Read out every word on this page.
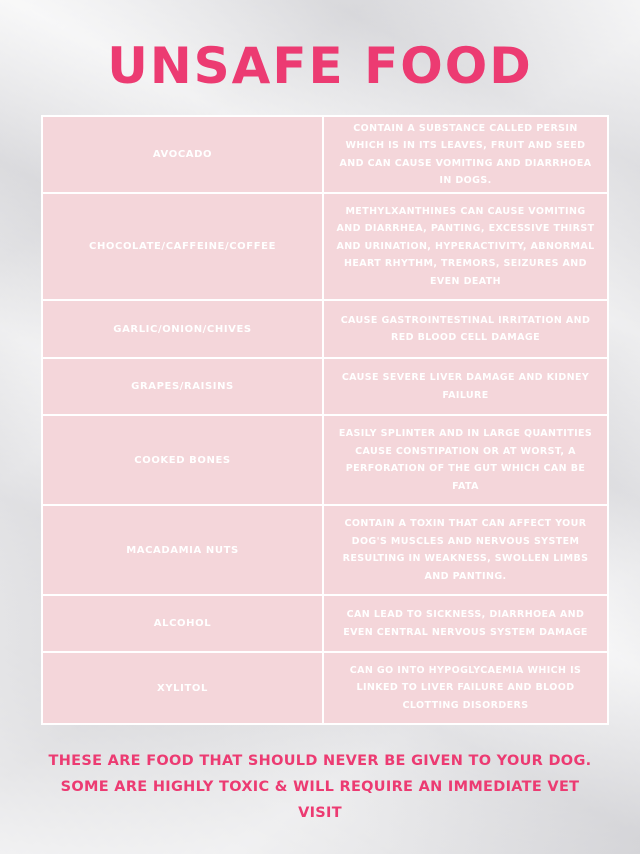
UNSAFE FOOD
AVOCADO
CONTAIN A SUBSTANCE CALLED PERSIN WHICH IS IN ITS LEAVES, FRUIT AND SEED AND CAN CAUSE VOMITING AND DIARRHOEA IN DOGS.
CHOCOLATE/CAFFEINE/COFFEE
METHYLXANTHINES CAN CAUSE VOMITING AND DIARRHEA, PANTING, EXCESSIVE THIRST AND URINATION, HYPERACTIVITY, ABNORMAL HEART RHYTHM, TREMORS, SEIZURES AND EVEN DEATH
GARLIC/ONION/CHIVES
CAUSE GASTROINTESTINAL IRRITATION AND RED BLOOD CELL DAMAGE
GRAPES/RAISINS
CAUSE SEVERE LIVER DAMAGE AND KIDNEY FAILURE
COOKED BONES
EASILY SPLINTER AND IN LARGE QUANTITIES CAUSE CONSTIPATION OR AT WORST, A PERFORATION OF THE GUT WHICH CAN BE FATA
MACADAMIA NUTS
CONTAIN A TOXIN THAT CAN AFFECT YOUR DOG'S MUSCLES AND NERVOUS SYSTEM RESULTING IN WEAKNESS, SWOLLEN LIMBS AND PANTING.
ALCOHOL
CAN LEAD TO SICKNESS, DIARRHOEA AND EVEN CENTRAL NERVOUS SYSTEM DAMAGE
XYLITOL
CAN GO INTO HYPOGLYCAEMIA WHICH IS LINKED TO LIVER FAILURE AND BLOOD CLOTTING DISORDERS
THESE ARE FOOD THAT SHOULD NEVER BE GIVEN TO YOUR DOG. SOME ARE HIGHLY TOXIC & WILL REQUIRE AN IMMEDIATE VET VISIT
